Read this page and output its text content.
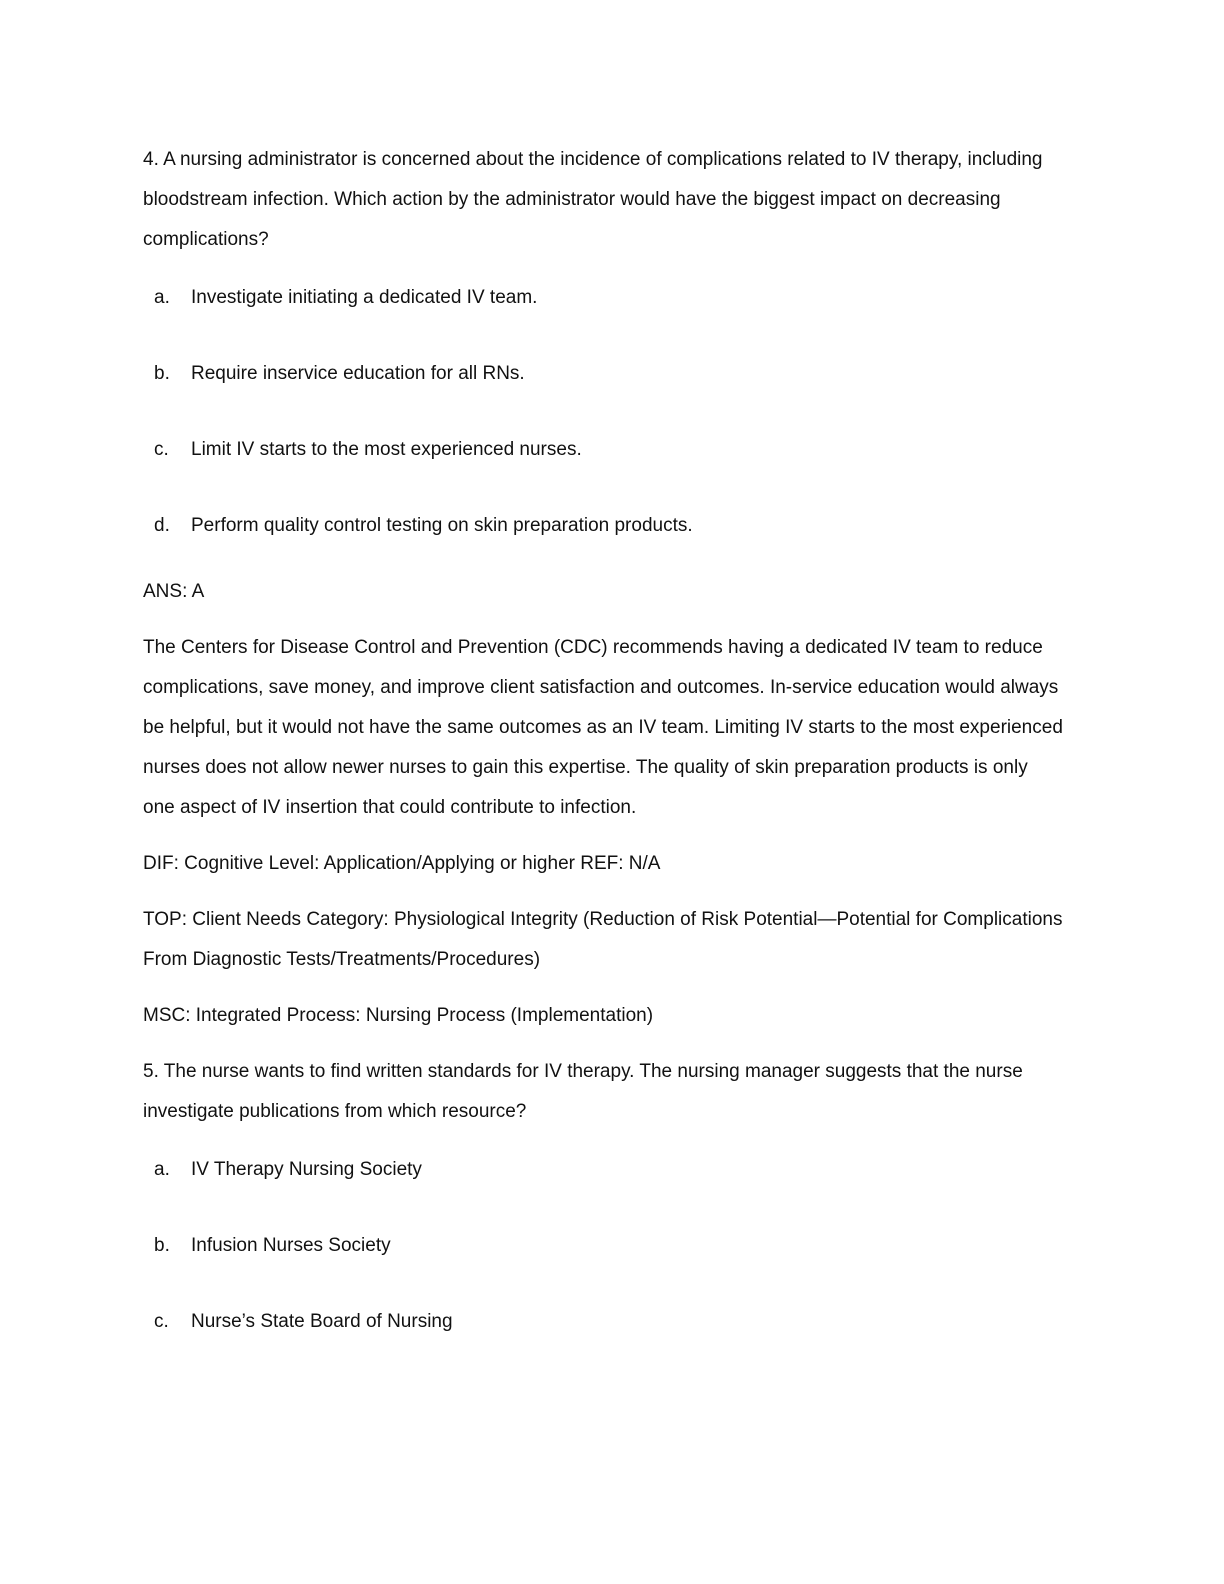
4. A nursing administrator is concerned about the incidence of complications related to IV therapy, including bloodstream infection. Which action by the administrator would have the biggest impact on decreasing complications?

a.	Investigate initiating a dedicated IV team.
b.	Require inservice education for all RNs.
c.	Limit IV starts to the most experienced nurses.
d.	Perform quality control testing on skin preparation products.

ANS: A

The Centers for Disease Control and Prevention (CDC) recommends having a dedicated IV team to reduce complications, save money, and improve client satisfaction and outcomes. In-service education would always be helpful, but it would not have the same outcomes as an IV team. Limiting IV starts to the most experienced nurses does not allow newer nurses to gain this expertise. The quality of skin preparation products is only one aspect of IV insertion that could contribute to infection.

DIF: Cognitive Level: Application/Applying or higher REF: N/A

TOP: Client Needs Category: Physiological Integrity (Reduction of Risk Potential—Potential for Complications From Diagnostic Tests/Treatments/Procedures)

MSC: Integrated Process: Nursing Process (Implementation)

5. The nurse wants to find written standards for IV therapy. The nursing manager suggests that the nurse investigate publications from which resource?

a.	IV Therapy Nursing Society
b.	Infusion Nurses Society
c.	Nurse’s State Board of Nursing
